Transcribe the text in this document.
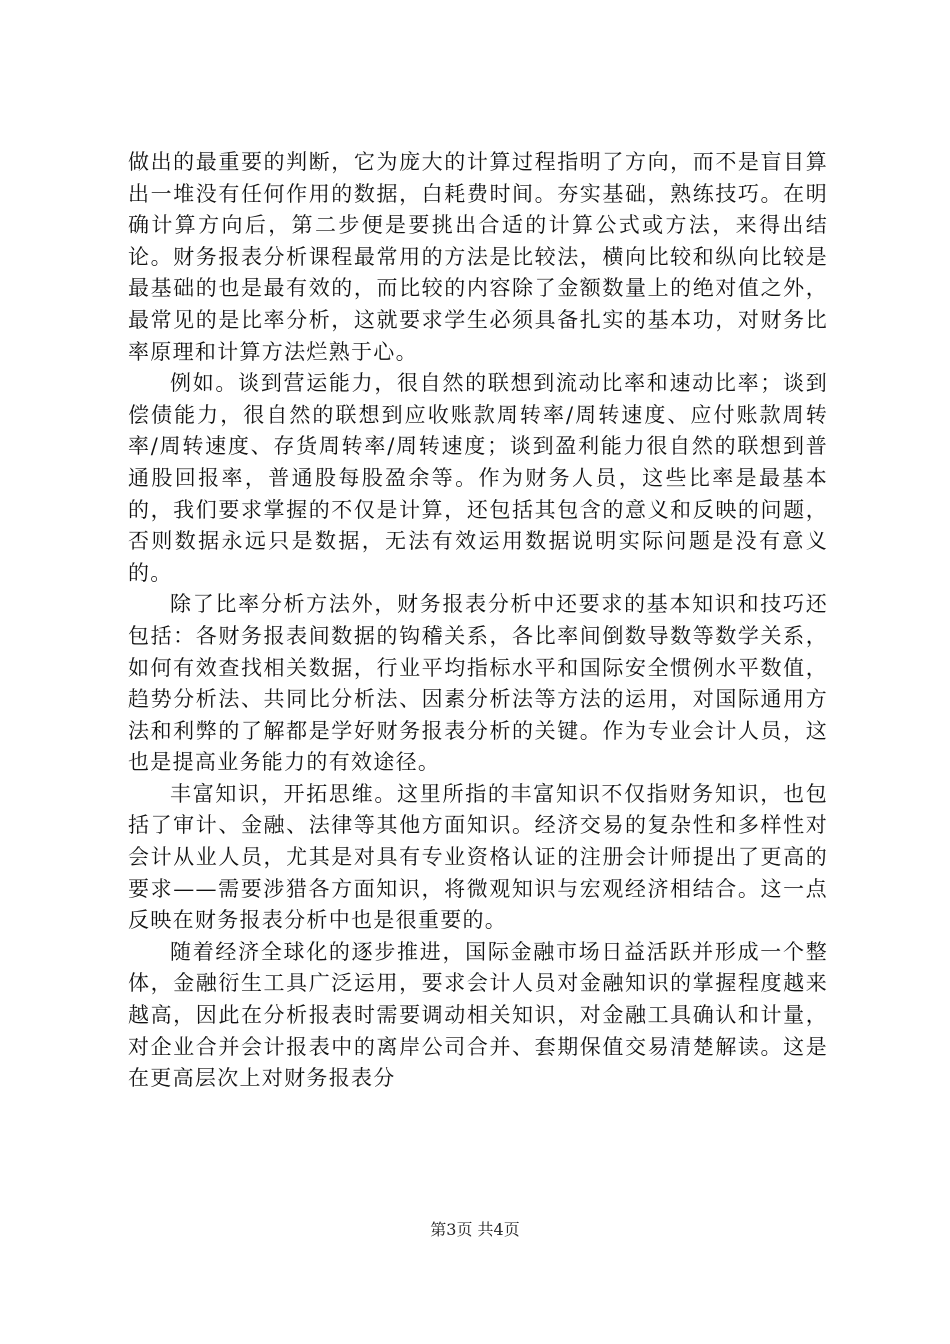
做出的最重要的判断，它为庞大的计算过程指明了方向，而不是盲目算出一堆没有任何作用的数据，白耗费时间。夯实基础，熟练技巧。在明确计算方向后，第二步便是要挑出合适的计算公式或方法，来得出结论。财务报表分析课程最常用的方法是比较法，横向比较和纵向比较是最基础的也是最有效的，而比较的内容除了金额数量上的绝对值之外，最常见的是比率分析，这就要求学生必须具备扎实的基本功，对财务比率原理和计算方法烂熟于心。

例如。谈到营运能力，很自然的联想到流动比率和速动比率；谈到偿债能力，很自然的联想到应收账款周转率/周转速度、应付账款周转率/周转速度、存货周转率/周转速度；谈到盈利能力很自然的联想到普通股回报率，普通股每股盈余等。作为财务人员，这些比率是最基本的，我们要求掌握的不仅是计算，还包括其包含的意义和反映的问题，否则数据永远只是数据，无法有效运用数据说明实际问题是没有意义的。

除了比率分析方法外，财务报表分析中还要求的基本知识和技巧还包括：各财务报表间数据的钩稽关系，各比率间倒数导数等数学关系，如何有效查找相关数据，行业平均指标水平和国际安全惯例水平数值，趋势分析法、共同比分析法、因素分析法等方法的运用，对国际通用方法和利弊的了解都是学好财务报表分析的关键。作为专业会计人员，这也是提高业务能力的有效途径。

丰富知识，开拓思维。这里所指的丰富知识不仅指财务知识，也包括了审计、金融、法律等其他方面知识。经济交易的复杂性和多样性对会计从业人员，尤其是对具有专业资格认证的注册会计师提出了更高的要求——需要涉猎各方面知识，将微观知识与宏观经济相结合。这一点反映在财务报表分析中也是很重要的。

随着经济全球化的逐步推进，国际金融市场日益活跃并形成一个整体，金融衍生工具广泛运用，要求会计人员对金融知识的掌握程度越来越高，因此在分析报表时需要调动相关知识，对金融工具确认和计量，对企业合并会计报表中的离岸公司合并、套期保值交易清楚解读。这是在更高层次上对财务报表分

第3页 共4页
